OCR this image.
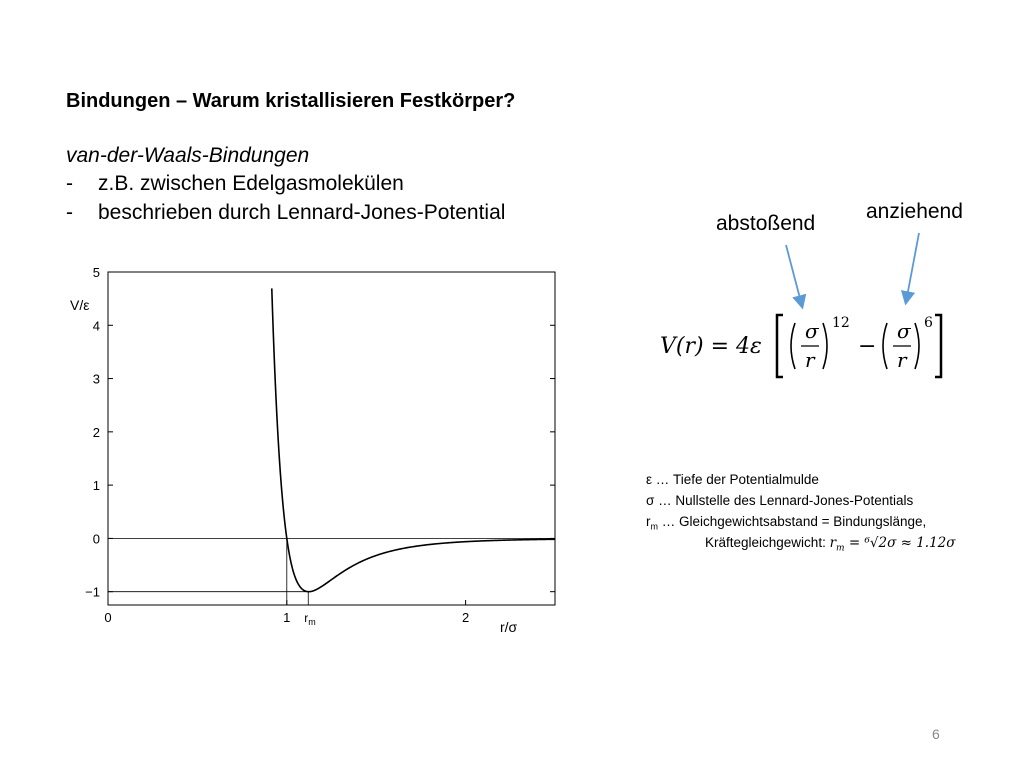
Bindungen – Warum kristallisieren Festkörper?
van-der-Waals-Bindungen
- z.B. zwischen Edelgasmolekülen
- beschrieben durch Lennard-Jones-Potential
5
4
3
2
1
0
−1
0	1	2
V/ε
r/σ
$r_m$
abstoßend
anziehend
V(r) = 4ε
σ
r
12
−
σ
r
6
ε … Tiefe der Potentialmulde
σ … Nullstelle des Lennard-Jones-Potentials
$r_m$ … Gleichgewichtsabstand = Bindungslänge,
Kräftegleichgewicht: $r_m = ^6√2\sigma \approx 1.12\sigma$
6
